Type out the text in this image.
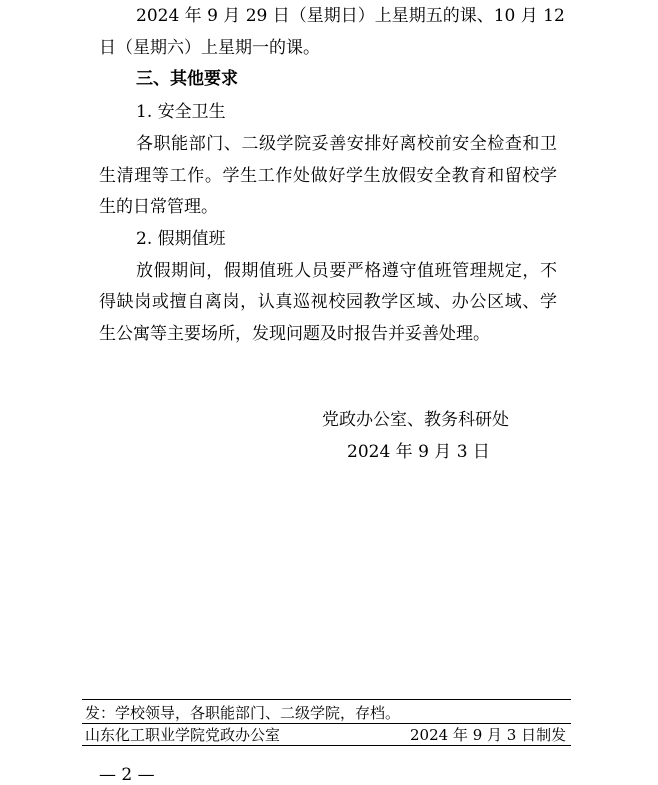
2024 年 9 月 29 日（星期日）上星期五的课、10 月 12
日（星期六）上星期一的课。
三、其他要求
1. 安全卫生
各职能部门、二级学院妥善安排好离校前安全检查和卫
生清理等工作。学生工作处做好学生放假安全教育和留校学
生的日常管理。
2. 假期值班
放假期间，假期值班人员要严格遵守值班管理规定，不
得缺岗或擅自离岗，认真巡视校园教学区域、办公区域、学
生公寓等主要场所，发现问题及时报告并妥善处理。
党政办公室、教务科研处
2024 年 9 月 3 日
发：学校领导，各职能部门、二级学院，存档。
山东化工职业学院党政办公室	2024 年 9 月 3 日制发
— 2 —
